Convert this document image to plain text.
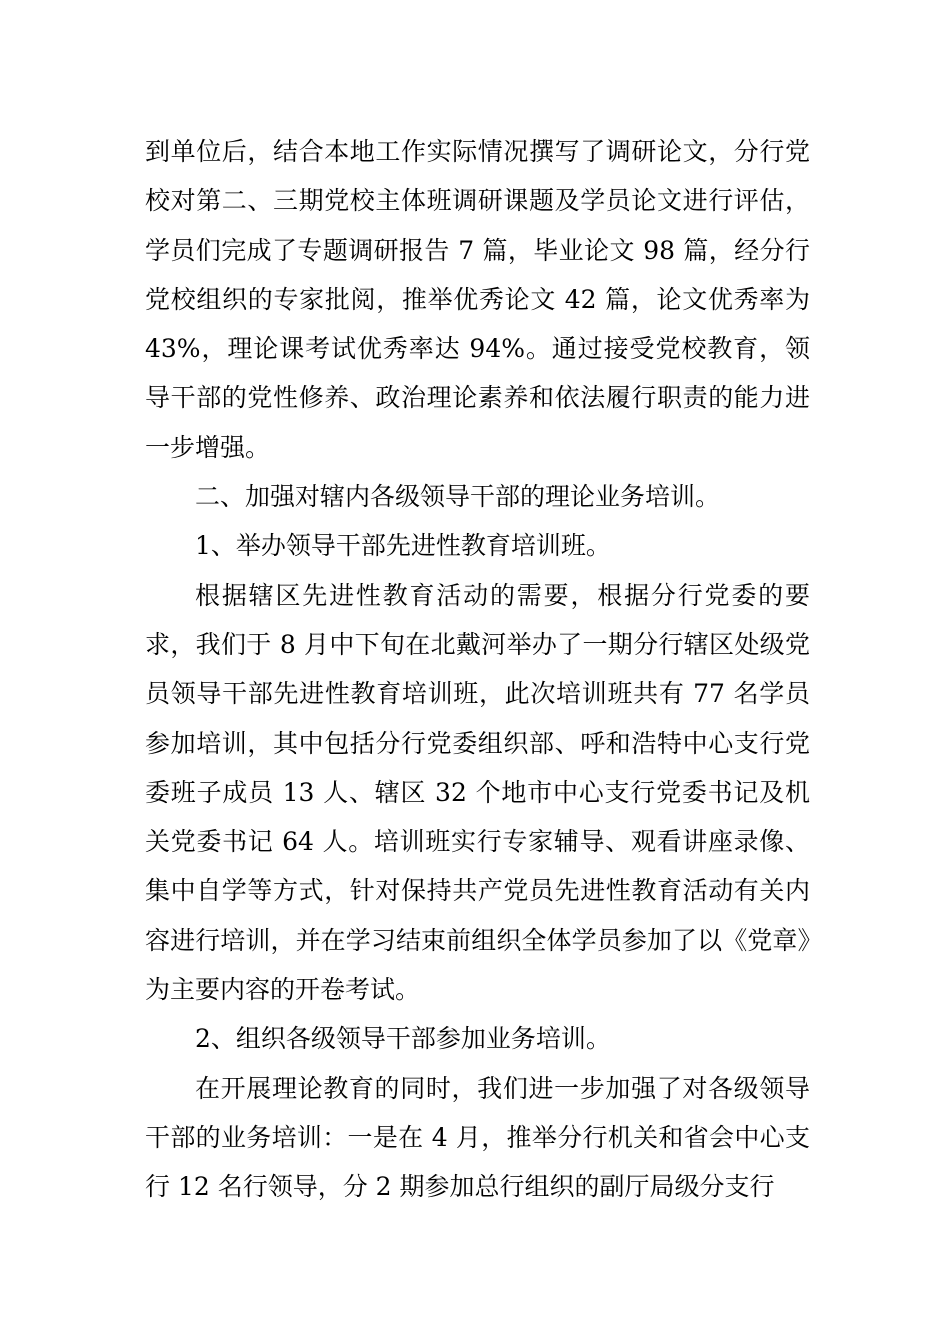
到单位后，结合本地工作实际情况撰写了调研论文，分行党校对第二、三期党校主体班调研课题及学员论文进行评估，学员们完成了专题调研报告 7 篇，毕业论文 98 篇，经分行党校组织的专家批阅，推举优秀论文 42 篇，论文优秀率为 43%，理论课考试优秀率达 94%。通过接受党校教育，领导干部的党性修养、政治理论素养和依法履行职责的能力进一步增强。

二、加强对辖内各级领导干部的理论业务培训。

1、举办领导干部先进性教育培训班。

根据辖区先进性教育活动的需要，根据分行党委的要求，我们于 8 月中下旬在北戴河举办了一期分行辖区处级党员领导干部先进性教育培训班，此次培训班共有 77 名学员参加培训，其中包括分行党委组织部、呼和浩特中心支行党委班子成员 13 人、辖区 32 个地市中心支行党委书记及机关党委书记 64 人。培训班实行专家辅导、观看讲座录像、集中自学等方式，针对保持共产党员先进性教育活动有关内容进行培训，并在学习结束前组织全体学员参加了以《党章》为主要内容的开卷考试。

2、组织各级领导干部参加业务培训。

在开展理论教育的同时，我们进一步加强了对各级领导干部的业务培训：一是在 4 月，推举分行机关和省会中心支行 12 名行领导，分 2 期参加总行组织的副厅局级分支行
